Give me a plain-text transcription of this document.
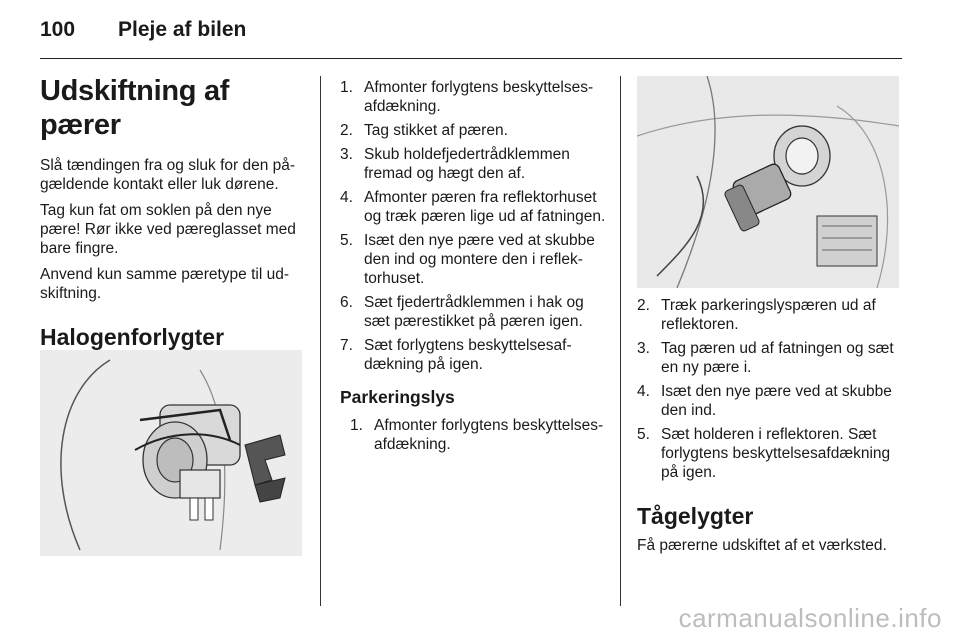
100 Pleje af bilen
Udskiftning af pærer

Slå tændingen fra og sluk for den pågældende kontakt eller luk dørene.

Tag kun fat om soklen på den nye pære! Rør ikke ved pæreglasset med bare fingre.

Anvend kun samme pæretype til udskiftning.

Halogenforlygter
1. Afmonter forlygtens beskyttelsesafdækning.
2. Tag stikket af pæren.
3. Skub holdefjedertrådklemmen fremad og hægt den af.
4. Afmonter pæren fra reflektorhuset og træk pæren lige ud af fatningen.
5. Isæt den nye pære ved at skubbe den ind og montere den i reflektorhuset.
6. Sæt fjedertrådklemmen i hak og sæt pærestikket på pæren igen.
7. Sæt forlygtens beskyttelsesafdækning på igen.
Parkeringslys
1. Afmonter forlygtens beskyttelsesafdækning.
2. Træk parkeringslyspæren ud af reflektoren.
3. Tag pæren ud af fatningen og sæt en ny pære i.
4. Isæt den nye pære ved at skubbe den ind.
5. Sæt holderen i reflektoren. Sæt forlygtens beskyttelsesafdækning på igen.
Tågelygter

Få pærerne udskiftet af et værksted.

carmanualsonline.info
